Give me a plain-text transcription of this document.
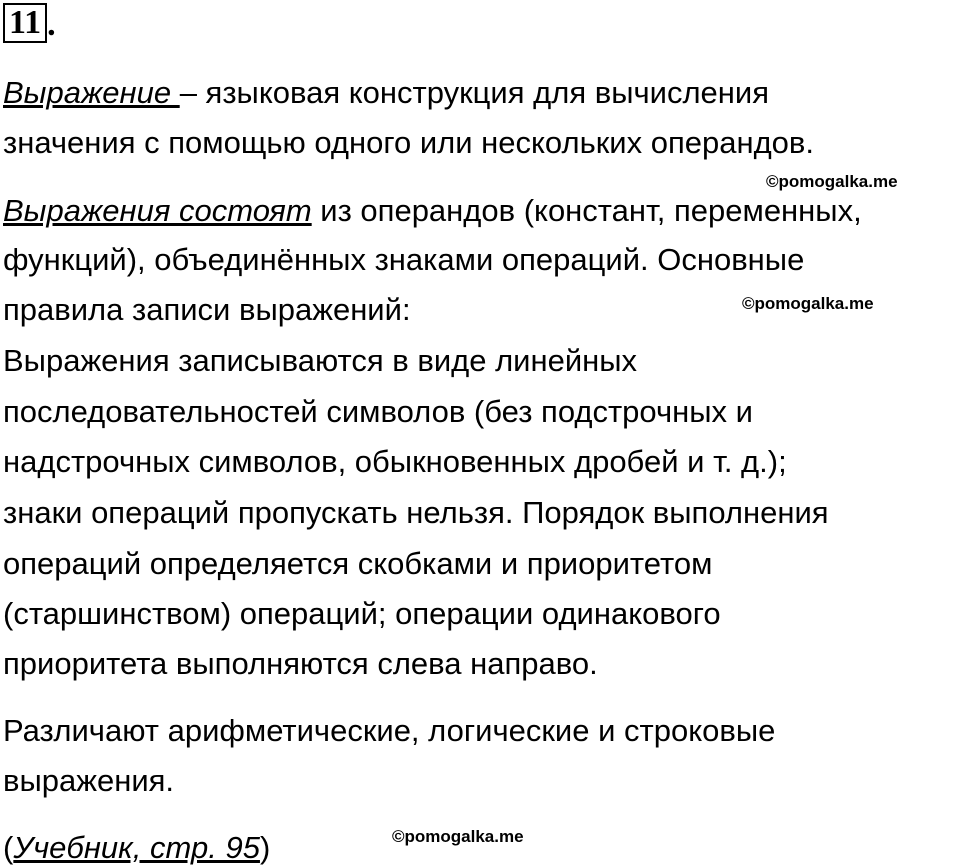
11 .
Выражение – языковая конструкция для вычисления
значения с помощью одного или нескольких операндов.
©pomogalka.me
Выражения состоят из операндов (констант, переменных,
функций), объединённых знаками операций. Основные
правила записи выражений:	©pomogalka.me
Выражения записываются в виде линейных
последовательностей символов (без подстрочных и
надстрочных символов, обыкновенных дробей и т. д.);
знаки операций пропускать нельзя. Порядок выполнения
операций определяется скобками и приоритетом
(старшинством) операций; операции одинакового
приоритета выполняются слева направо.
Различают арифметические, логические и строковые
выражения.
(Учебник, стр. 95)	©pomogalka.me
